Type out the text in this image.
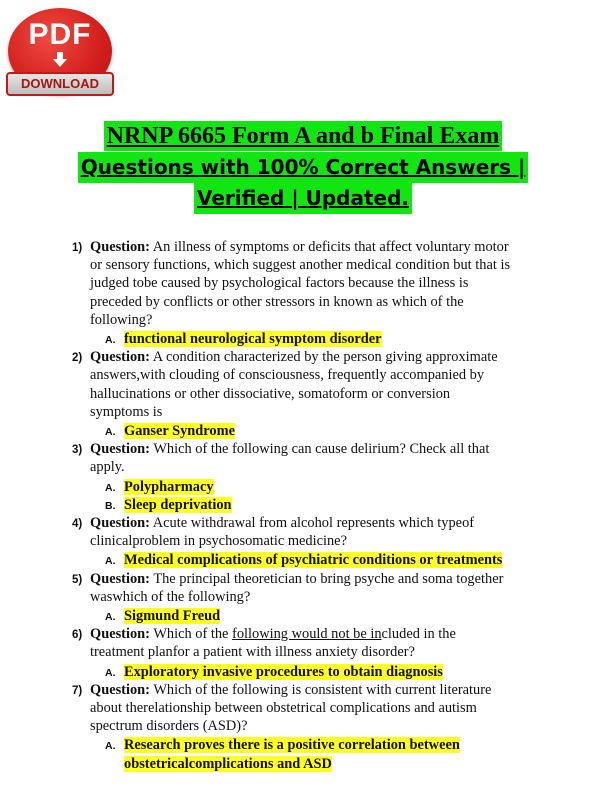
PDF
DOWNLOAD
NRNP 6665 Form A and b Final Exam
Questions with 100% Correct Answers |
Verified | Updated.
1) Question: An illness of symptoms or deficits that affect voluntary motor or sensory functions, which suggest another medical condition but that is judged tobe caused by psychological factors because the illness is preceded by conflicts or other stressors in known as which of the following?
A. functional neurological symptom disorder
2) Question: A condition characterized by the person giving approximate answers,with clouding of consciousness, frequently accompanied by hallucinations or other dissociative, somatoform or conversion symptoms is
A. Ganser Syndrome
3) Question: Which of the following can cause delirium? Check all that apply.
A. Polypharmacy
B. Sleep deprivation
4) Question: Acute withdrawal from alcohol represents which typeof clinicalproblem in psychosomatic medicine?
A. Medical complications of psychiatric conditions or treatments
5) Question: The principal theoretician to bring psyche and soma together waswhich of the following?
A. Sigmund Freud
6) Question: Which of the following would not be included in the treatment planfor a patient with illness anxiety disorder?
A. Exploratory invasive procedures to obtain diagnosis
7) Question: Which of the following is consistent with current literature about therelationship between obstetrical complications and autism spectrum disorders (ASD)?
A. Research proves there is a positive correlation between obstetricalcomplications and ASD
